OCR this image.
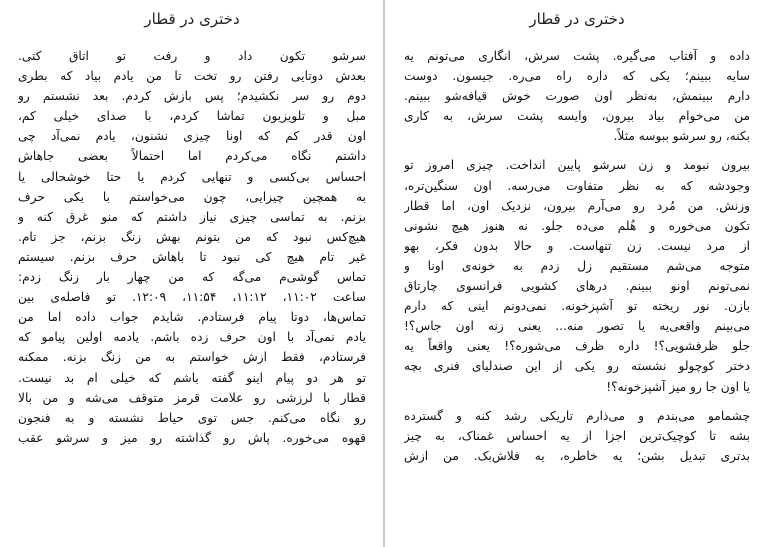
دختری در قطار
سرشو تکون داد و رفت تو اتاق کتی.
بعدش دوتایی رفتن رو تخت تا من یادم بیاد که بطری
دوم رو سر نکشیدم؛ پس بازش کردم. بعد نشستم رو
مبل و تلویزیون تماشا کردم، با صدای خیلی کم،
اون قدر کم که اونا چیزی نشنون، یادم نمی‌آد چی
داشتم نگاه می‌کردم اما احتمالاً بعضی جاهاش
احساس بی‌کسی و تنهایی کردم یا حتا خوشحالی یا
به همچین چیزایی، چون می‌خواستم با یکی حرف
بزنم. به تماسی چیزی نیاز داشتم که منو غرق کنه و
هیچ‌کس نبود که من بتونم بهش زنگ بزنم، جز تام.
غیر تام هیچ کی نبود تا باهاش حرف بزنم. سیستم
تماس گوشی‌م می‌گه که من چهار بار زنگ زدم:
ساعت ۱۱:۰۲، ۱۱:۱۲، ۱۱:۵۴، ۱۲:۰۹. تو فاصله‌ی بین
تماس‌ها، دوتا پیام فرستادم. شایدم جواب داده اما من
یادم نمی‌آد با اون حرف زده باشم. یادمه اولین پیامو که
فرستادم، فقط ازش خواستم به من زنگ بزنه. ممکنه
تو هر دو پیام اینو گفته باشم که خیلی ام بد نیست.
قطار با لرزشی رو علامت قرمز متوقف می‌شه و من بالا
رو نگاه می‌کنم. جس توی حیاط نشسته و به فنجون
قهوه می‌خوره. پاش رو گذاشته رو میز و سرشو عقب
دختری در قطار
داده و آفتاب می‌گیره. پشت سرش، انگاری می‌تونم یه
سایه ببینم؛ یکی که داره راه می‌ره. جیسون. دوست
دارم ببینمش، به‌نظر اون صورت خوش قیافه‌شو ببینم.
من می‌خوام بیاد بیرون، وایسه پشت سرش، به کاری
بکنه، رو سرشو ببوسه مثلاً.
بیرون نبومد و زن سرشو پایین انداخت. چیزی امروز تو
وجودشه که به نظر متفاوت می‌رسه. اون سنگین‌تره،
وزنش. من مُرد رو می‌آرم بیرون، نزدیک اون، اما قطار
تکون می‌خوره و هُلم می‌ده جلو. نه هنوز هیچ نشونی
از مرد نیست. زن تنهاست. و حالا بدون فکر، بهو
متوجه می‌شم مستقیم زل زدم به خونه‌ی اونا و
نمی‌تونم اونو ببینم. درهای کشویی فرانسوی چارتاق
بازن. نور ریخته تو آشپزخونه. نمی‌دونم اینی که دارم
می‌بینم واقعی‌یه یا تصور منه... یعنی زنه اون جاس؟!
جلو ظرفشویی؟! داره ظرف می‌شوره؟! یعنی واقعاً یه
دختر کوچولو نشسته رو یکی از این صندلیای فنری بچه
یا اون جا رو میز آشپزخونه؟!
چشمامو می‌بندم و می‌ذارم تاریکی رشد کنه و گسترده
بشه تا کوچیک‌ترین اجزا از یه احساس غمناک، به چیز
بدتری تبدیل بشن؛ یه خاطره، یه فلاش‌بک. من ازش
